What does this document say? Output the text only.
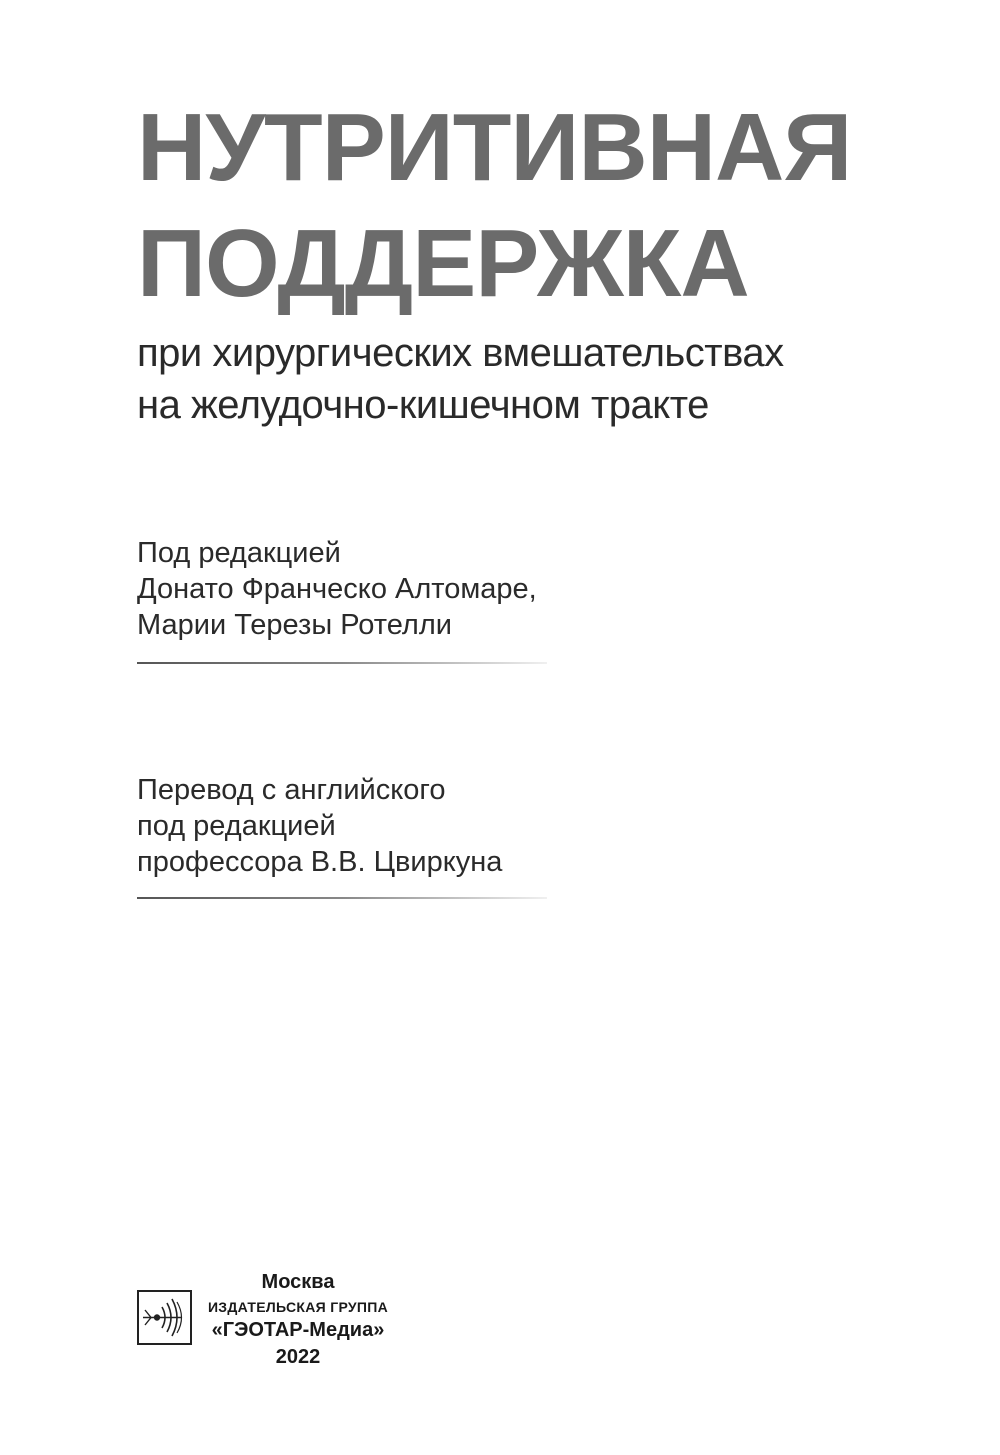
НУТРИТИВНАЯ
ПОДДЕРЖКА
при хирургических вмешательствах
на желудочно-кишечном тракте
Под редакцией
Донато Франческо Алтомаре,
Марии Терезы Ротелли
Перевод с английского
под редакцией
профессора В.В. Цвиркуна
Москва
ИЗДАТЕЛЬСКАЯ ГРУППА
«ГЭОТАР-Медиа»
2022
